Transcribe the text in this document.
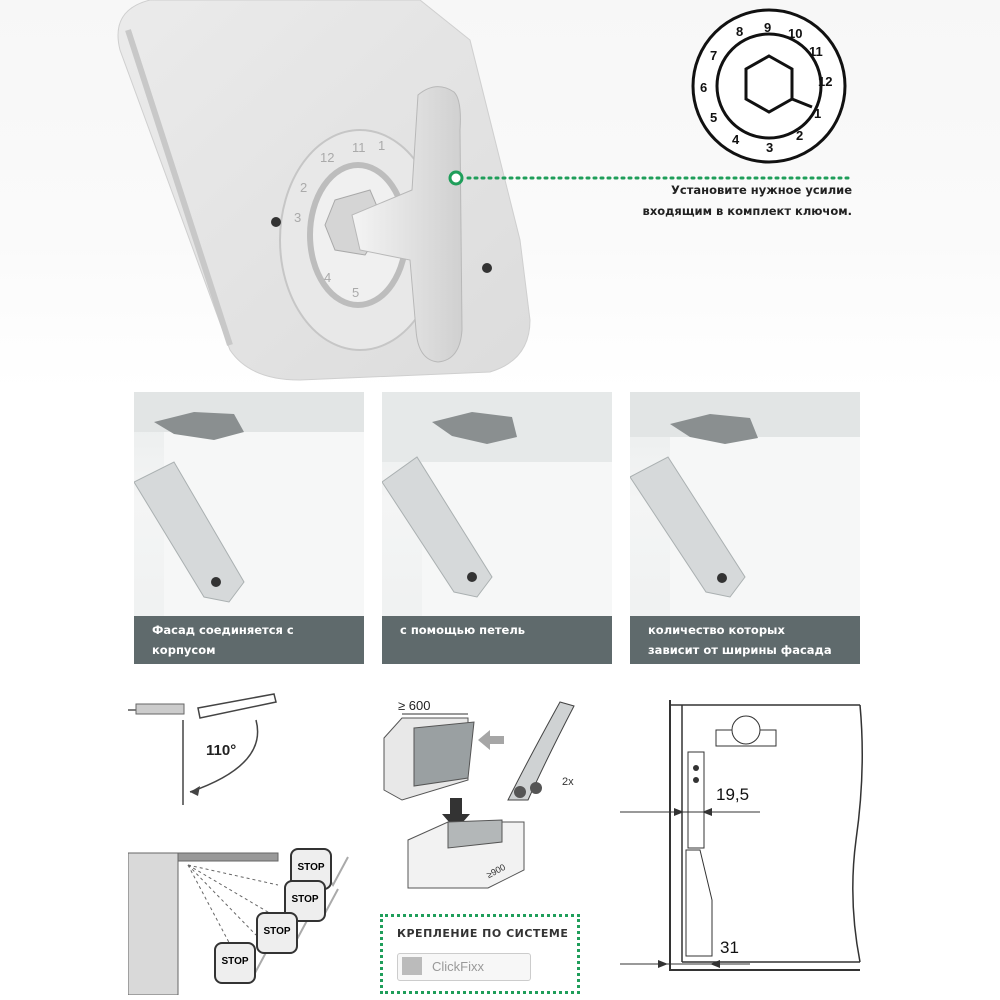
12
11 1
2
3
4
5
8 9 10
11
12
1
2
3
4
5
6
7
Установите нужное усилие
входящим в комплект ключом.
Фасад соединяется с
корпусом
с помощью петель	количество которых
зависит от ширины фасада
110°
STOP
STOP
STOP
STOP
≥ 600
≥900
2x
КРЕПЛЕНИЕ ПО СИСТЕМЕ
ClickFixx
19,5
31
